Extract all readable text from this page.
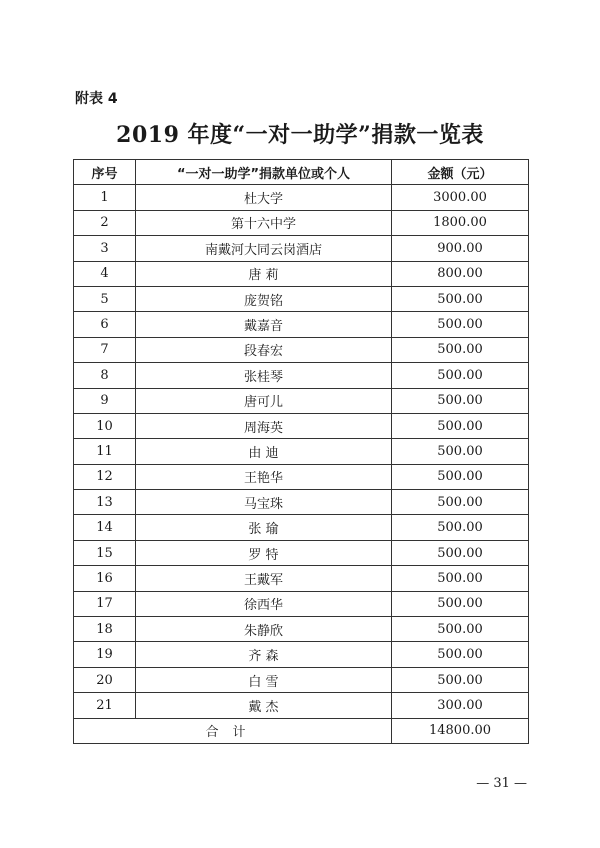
附表 4
2019 年度“一对一助学”捐款一览表
序号	“一对一助学”捐款单位或个人	金额（元）
1	杜大学	3000.00
2	第十六中学	1800.00
3	南戴河大同云岗酒店	900.00
4	唐 莉	800.00
5	庞贺铭	500.00
6	戴嘉音	500.00
7	段春宏	500.00
8	张桂琴	500.00
9	唐可儿	500.00
10	周海英	500.00
11	由 迪	500.00
12	王艳华	500.00
13	马宝珠	500.00
14	张 瑜	500.00
15	罗 特	500.00
16	王戴军	500.00
17	徐西华	500.00
18	朱静欣	500.00
19	齐 森	500.00
20	白 雪	500.00
21	戴 杰	300.00
合计		14800.00
— 31 —
